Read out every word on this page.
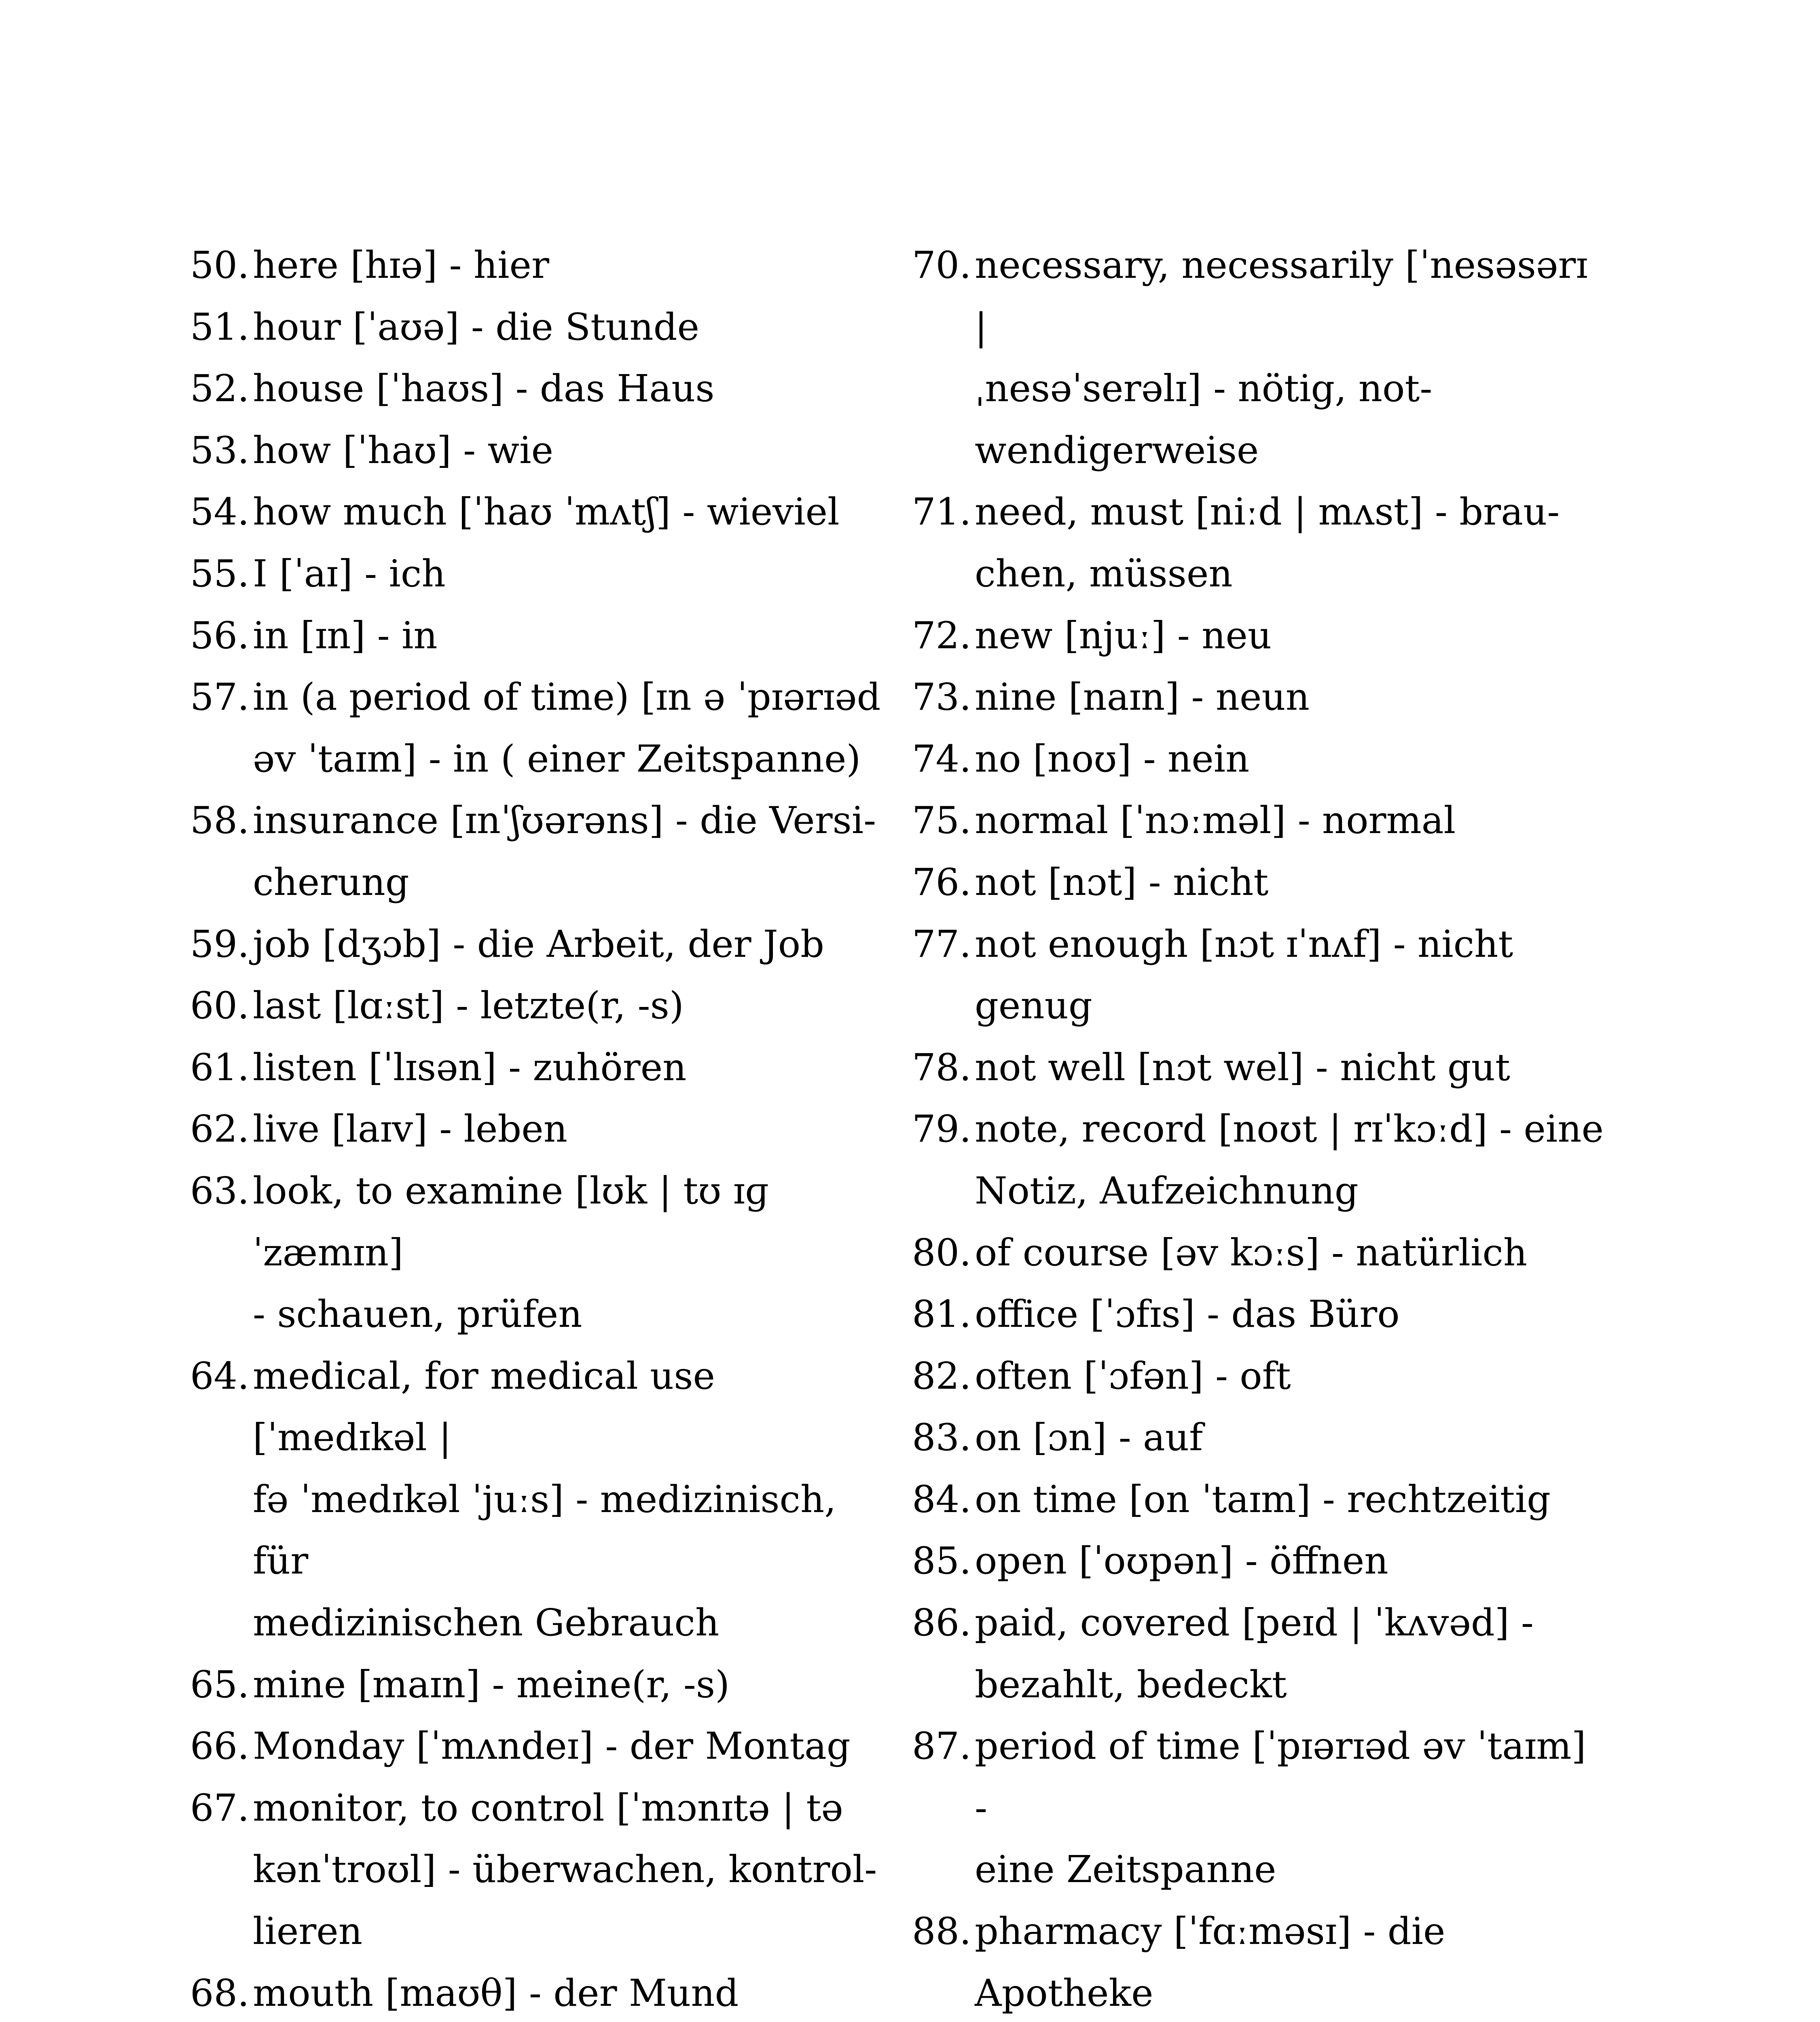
50. here [hɪə] - hier
51. hour [ˈaʊə] - die Stunde
52. house [ˈhaʊs] - das Haus
53. how [ˈhaʊ] - wie
54. how much [ˈhaʊ ˈmʌtʃ] - wieviel
55. I [ˈaɪ] - ich
56. in [ɪn] - in
57. in (a period of time) [ɪn ə ˈpɪərɪəd
əv ˈtaɪm] - in ( einer Zeitspanne)
58. insurance [ɪnˈʃʊərəns] - die Versi-
cherung
59. job [dʒɔb] - die Arbeit, der Job
60. last [lɑːst] - letzte(r, -s)
61. listen [ˈlɪsən] - zuhören
62. live [laɪv] - leben
63. look, to examine [lʊk | tʊ ɪɡˈzæmɪn]
- schauen, prüfen
64. medical, for medical use [ˈmedɪkəl |
fə ˈmedɪkəl ˈjuːs] - medizinisch, für
medizinischen Gebrauch
65. mine [maɪn] - meine(r, -s)
66. Monday [ˈmʌndeɪ] - der Montag
67. monitor, to control [ˈmɔnɪtə | tə
kənˈtroʊl] - überwachen, kontrol-
lieren
68. mouth [maʊθ] - der Mund
70. necessary, necessarily [ˈnesəsərɪ |
ˌnesəˈserəlɪ] - nötig, not-
wendigerweise
71. need, must [niːd | mʌst] - brau-
chen, müssen
72. new [njuː] - neu
73. nine [naɪn] - neun
74. no [noʊ] - nein
75. normal [ˈnɔːməl] - normal
76. not [nɔt] - nicht
77. not enough [nɔt ɪˈnʌf] - nicht genug
78. not well [nɔt wel] - nicht gut
79. note, record [noʊt | rɪˈkɔːd] - eine
Notiz, Aufzeichnung
80. of course [əv kɔːs] - natürlich
81. office [ˈɔfɪs] - das Büro
82. often [ˈɔfən] - oft
83. on [ɔn] - auf
84. on time [on ˈtaɪm] - rechtzeitig
85. open [ˈoʊpən] - öffnen
86. paid, covered [peɪd | ˈkʌvəd] -
bezahlt, bedeckt
87. period of time [ˈpɪərɪəd əv ˈtaɪm] -
eine Zeitspanne
88. pharmacy [ˈfɑːməsɪ] - die Apotheke
